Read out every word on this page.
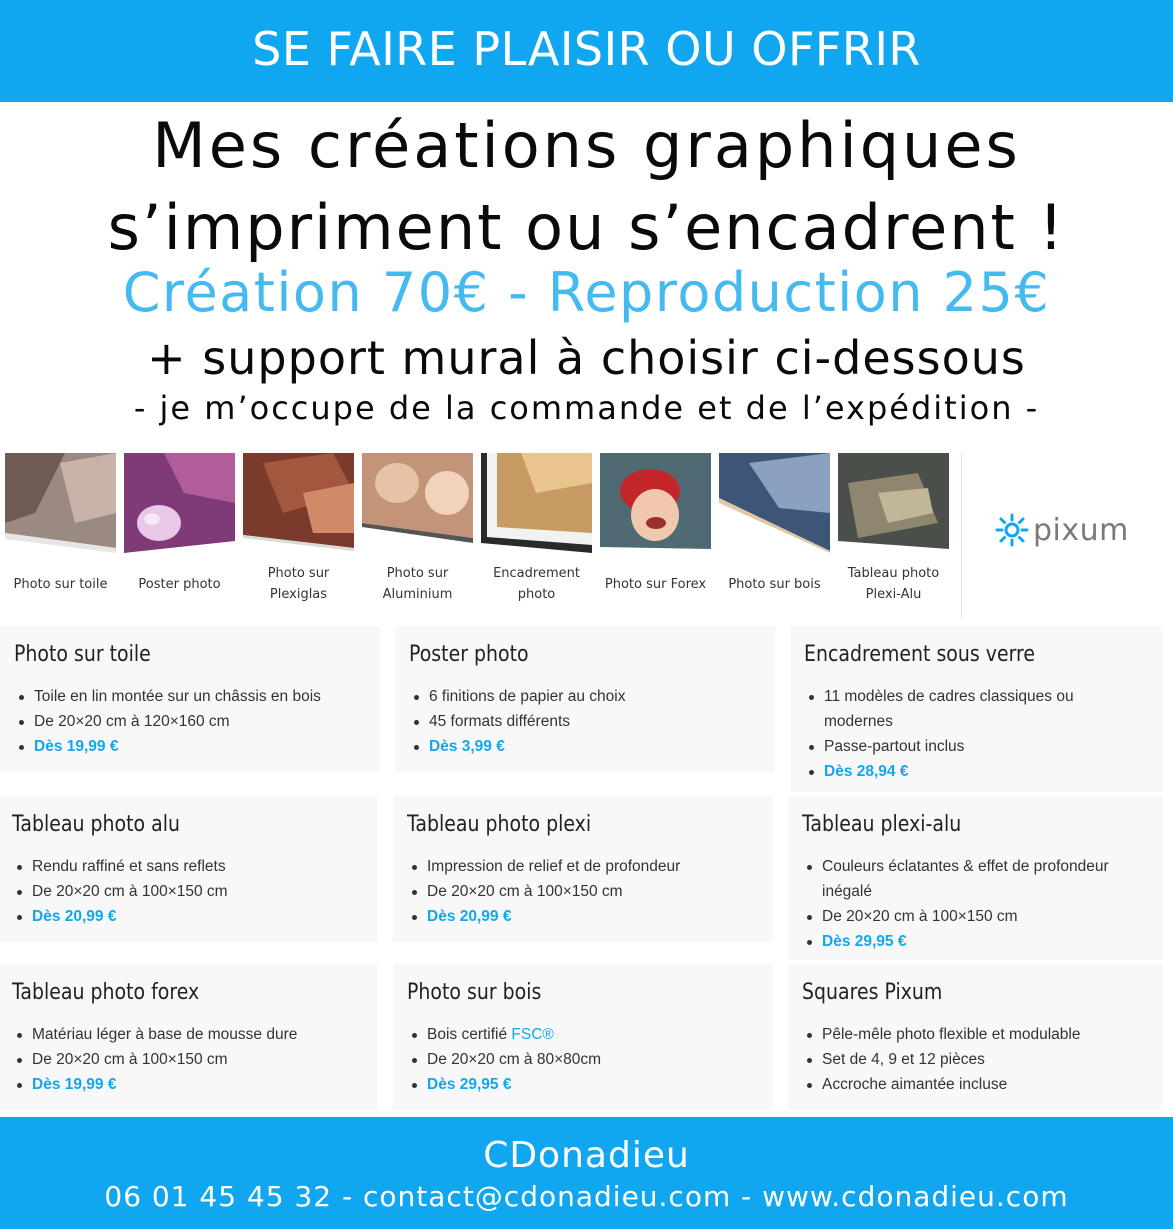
SE FAIRE PLAISIR OU OFFRIR
Mes créations graphiques
s’impriment ou s’encadrent !
Création 70€ - Reproduction 25€
+ support mural à choisir ci-dessous
- je m’occupe de la commande et de l’expédition -
Photo sur toile	Poster photo
Photo sur
Plexiglas
Photo sur
Aluminium
Encadrement
photo
Photo sur Forex	Photo sur bois
Tableau photo
Plexi-Alu
pixum
Photo sur toile
Toile en lin montée sur un châssis en bois
De 20×20 cm à 120×160 cm
Dès 19,99 €
Poster photo
6 finitions de papier au choix
45 formats différents
Dès 3,99 €
Encadrement sous verre
11 modèles de cadres classiques ou
modernes
Passe-partout inclus
Dès 28,94 €
Tableau photo alu
Rendu raffiné et sans reflets
De 20×20 cm à 100×150 cm
Dès 20,99 €
Tableau photo plexi
Impression de relief et de profondeur
De 20×20 cm à 100×150 cm
Dès 20,99 €
Tableau plexi-alu
Couleurs éclatantes & effet de profondeur
inégalé
De 20×20 cm à 100×150 cm
Dès 29,95 €
Tableau photo forex
Matériau léger à base de mousse dure
De 20×20 cm à 100×150 cm
Dès 19,99 €
Photo sur bois
Bois certifié FSC®
De 20×20 cm à 80×80cm
Dès 29,95 €
Squares Pixum
Pêle-mêle photo flexible et modulable
Set de 4, 9 et 12 pièces
Accroche aimantée incluse
CDonadieu
06 01 45 45 32 - contact@cdonadieu.com - www.cdonadieu.com
